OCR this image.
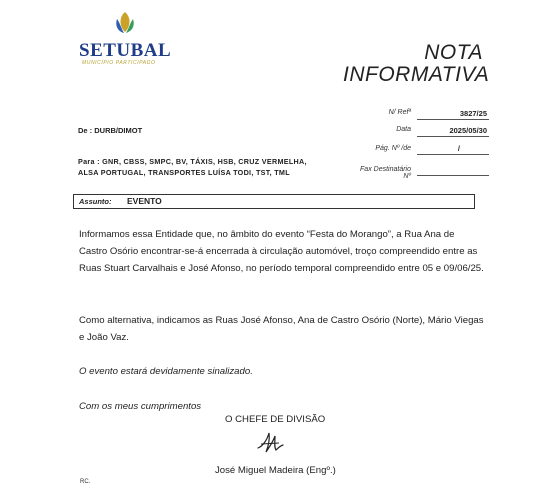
SETUBAL
MUNICÍPIO PARTICIPADO	NOTA
INFORMATIVA
N/ Refª	3827/25
Data	2025/05/30
Pág. Nº /de	/
Fax Destinatário Nº
De : DURB/DIMOT
Para : GNR, CBSS, SMPC, BV, TÁXIS, HSB, CRUZ VERMELHA,
ALSA PORTUGAL, TRANSPORTES LUÍSA TODI, TST, TML
Assunto: EVENTO
Informamos essa Entidade que, no âmbito do evento “Festa do Morango”, a Rua Ana de Castro Osório encontrar-se-á encerrada à circulação automóvel, troço compreendido entre as Ruas Stuart Carvalhais e José Afonso, no período temporal compreendido entre 05 e 09/06/25.
Como alternativa, indicamos as Ruas José Afonso, Ana de Castro Osório (Norte), Mário Viegas e João Vaz.
O evento estará devidamente sinalizado.
Com os meus cumprimentos
O CHEFE DE DIVISÃO
José Miguel Madeira (Engº.)
RC.
